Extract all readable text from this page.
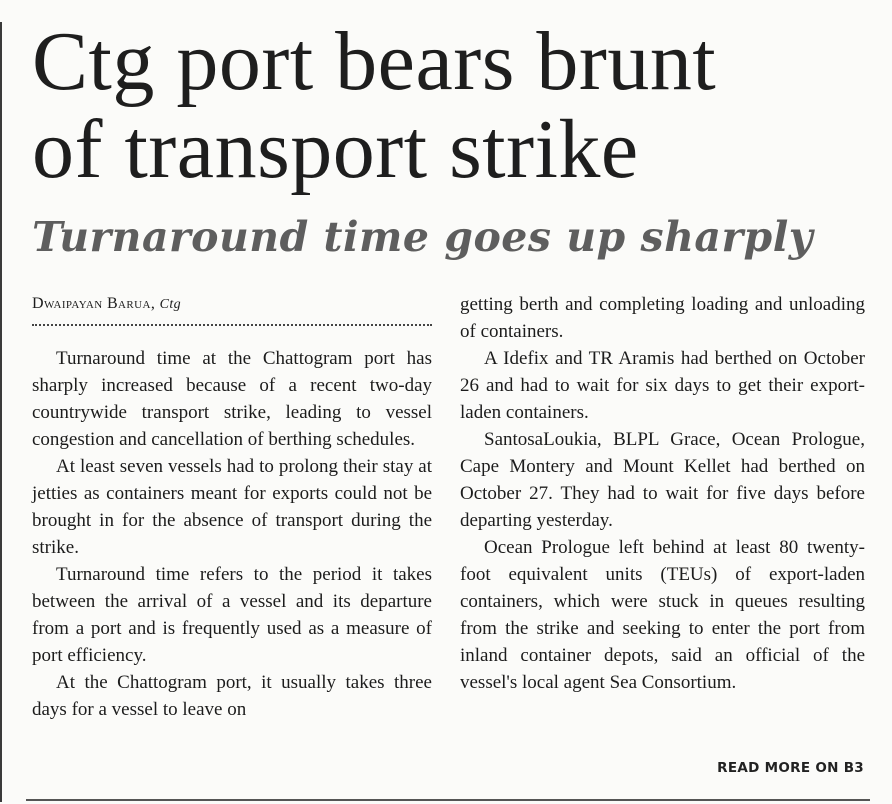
Ctg port bears brunt
of transport strike
Turnaround time goes up sharply
Dwaipayan Barua, Ctg

Turnaround time at the Chattogram port has sharply increased because of a recent two-day countrywide transport strike, leading to vessel congestion and cancellation of berthing schedules.

At least seven vessels had to prolong their stay at jetties as containers meant for exports could not be brought in for the absence of transport during the strike.

Turnaround time refers to the period it takes between the arrival of a vessel and its departure from a port and is frequently used as a measure of port efficiency.

At the Chattogram port, it usually takes three days for a vessel to leave on

getting berth and completing loading and unloading of containers.

A Idefix and TR Aramis had berthed on October 26 and had to wait for six days to get their export-laden containers.

SantosaLoukia, BLPL Grace, Ocean Prologue, Cape Montery and Mount Kellet had berthed on October 27. They had to wait for five days before departing yesterday.

Ocean Prologue left behind at least 80 twenty-foot equivalent units (TEUs) of export-laden containers, which were stuck in queues resulting from the strike and seeking to enter the port from inland container depots, said an official of the vessel's local agent Sea Consortium.

READ MORE ON B3
